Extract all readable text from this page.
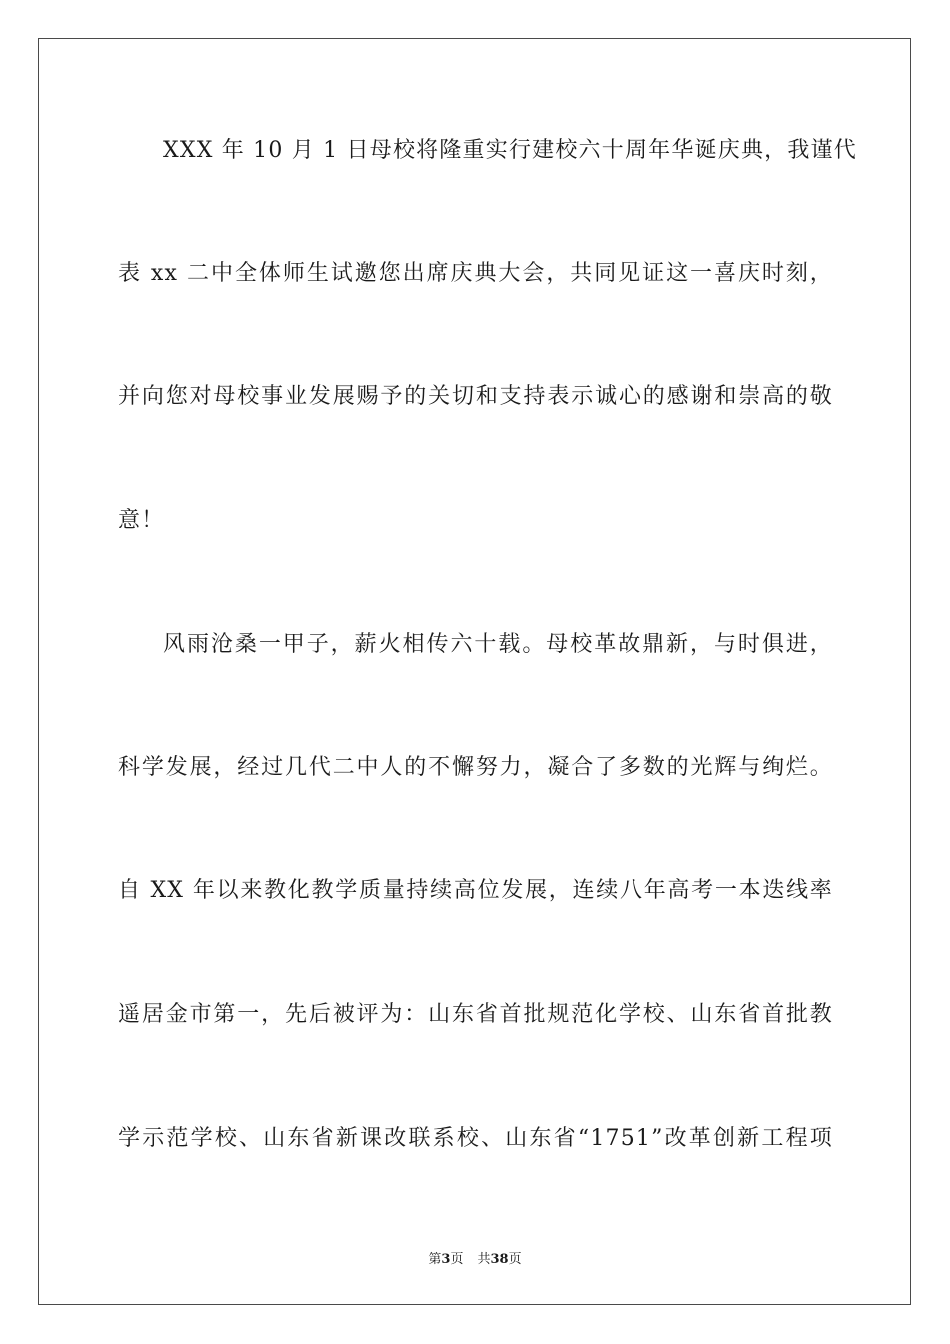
XXX 年 10 月 1 日母校将隆重实行建校六十周年华诞庆典，我谨代
表 xx 二中全体师生试邀您出席庆典大会，共同见证这一喜庆时刻，
并向您对母校事业发展赐予的关切和支持表示诚心的感谢和崇高的敬
意！
风雨沧桑一甲子，薪火相传六十载。母校革故鼎新，与时俱进，
科学发展，经过几代二中人的不懈努力，凝合了多数的光辉与绚烂。
自 XX 年以来教化教学质量持续高位发展，连续八年高考一本迭线率
遥居金市第一，先后被评为：山东省首批规范化学校、山东省首批教
学示范学校、山东省新课改联系校、山东省“1751”改革创新工程项
第3页 共38页
